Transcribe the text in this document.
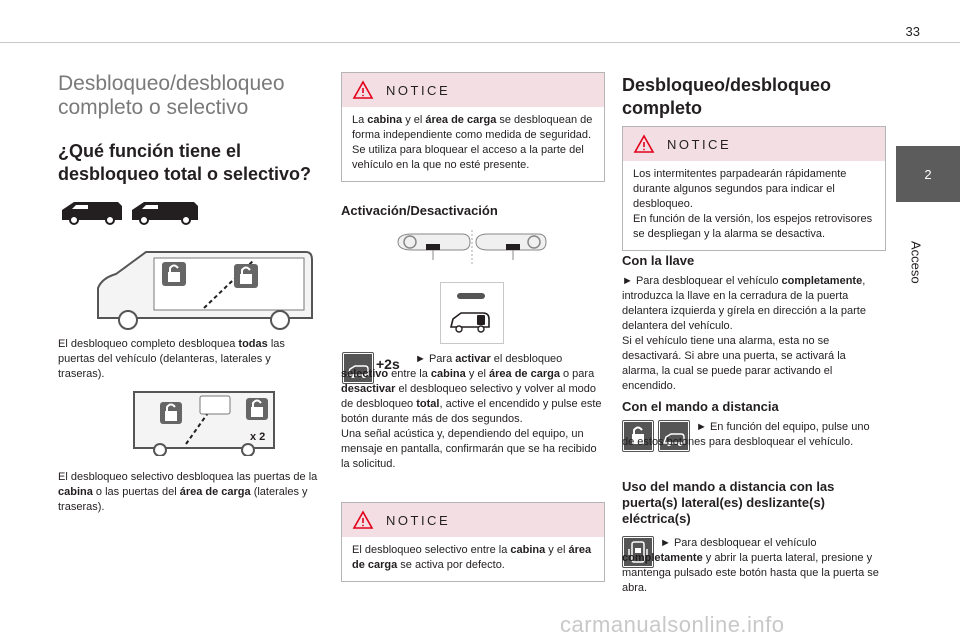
33
2
Acceso
Desbloqueo/desbloqueo completo o selectivo
¿Qué función tiene el desbloqueo total o selectivo?

El desbloqueo completo desbloquea todas las puertas del vehículo (delanteras, laterales y traseras).

x 2

El desbloqueo selectivo desbloquea las puertas de la cabina o las puertas del área de carga (laterales y traseras).

NOTICE

La cabina y el área de carga se desbloquean de forma independiente como medida de seguridad. Se utiliza para bloquear el acceso a la parte del vehículo en la que no esté presente.

Activación/Desactivación
+2s	► Para activar el desbloqueo selectivo entre la cabina y el área de carga o para desactivar el desbloqueo selectivo y volver al modo de desbloqueo total, active el encendido y pulse este botón durante más de dos segundos.

Una señal acústica y, dependiendo del equipo, un mensaje en pantalla, confirmarán que se ha recibido la solicitud.

NOTICE

El desbloqueo selectivo entre la cabina y el área de carga se activa por defecto.

Desbloqueo/desbloqueo completo
NOTICE

Los intermitentes parpadearán rápidamente durante algunos segundos para indicar el desbloqueo.

En función de la versión, los espejos retrovisores se despliegan y la alarma se desactiva.

Con la llave

► Para desbloquear el vehículo completamente, introduzca la llave en la cerradura de la puerta delantera izquierda y gírela en dirección a la parte delantera del vehículo.

Si el vehículo tiene una alarma, esta no se desactivará. Si abre una puerta, se activará la alarma, la cual se puede parar activando el encendido.

Con el mando a distancia

► En función del equipo, pulse uno de estos botones para desbloquear el vehículo.

Uso del mando a distancia con las puerta(s) lateral(es) deslizante(s) eléctrica(s)

► Para desbloquear el vehículo completamente y abrir la puerta lateral, presione y mantenga pulsado este botón hasta que la puerta se abra.

carmanualsonline.info
